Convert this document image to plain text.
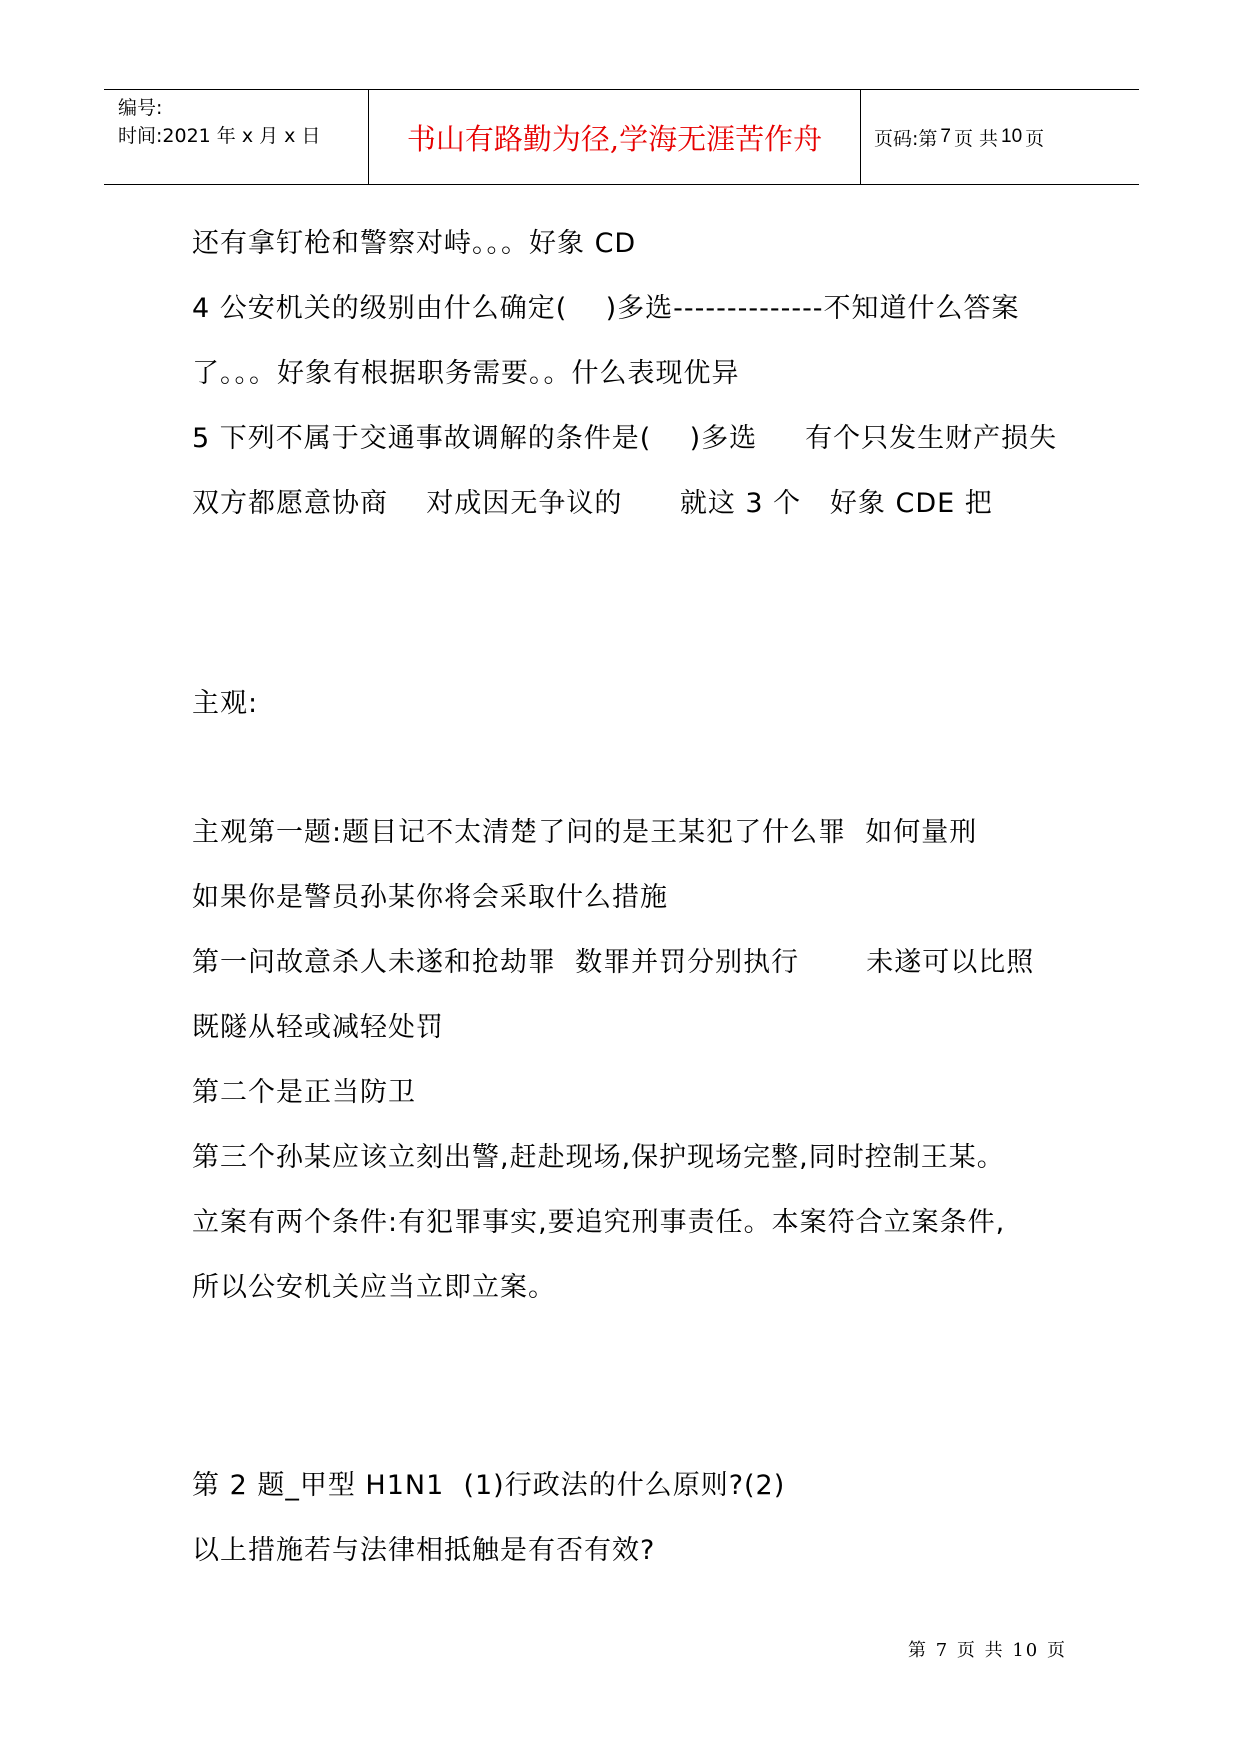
编号:
时间:2021 年 x 月 x 日	书山有路勤为径,学海无涯苦作舟	页码:第 7 页 共 10 页
还有拿钉枪和警察对峙。。。好象 CD
4 公安机关的级别由什么确定(    )多选--------------不知道什么答案
了。。。好象有根据职务需要。。什么表现优异
5 下列不属于交通事故调解的条件是(    )多选     有个只发生财产损失
双方都愿意协商    对成因无争议的      就这 3 个   好象 CDE 把
主观:
主观第一题:题目记不太清楚了问的是王某犯了什么罪  如何量刑
如果你是警员孙某你将会采取什么措施
第一问故意杀人未遂和抢劫罪  数罪并罚分别执行       未遂可以比照
既隧从轻或减轻处罚
第二个是正当防卫
第三个孙某应该立刻出警,赶赴现场,保护现场完整,同时控制王某。
立案有两个条件:有犯罪事实,要追究刑事责任。本案符合立案条件,
所以公安机关应当立即立案。
第 2 题_甲型 H1N1  (1)行政法的什么原则?(2)
以上措施若与法律相抵触是有否有效?
第 7 页 共 10 页
